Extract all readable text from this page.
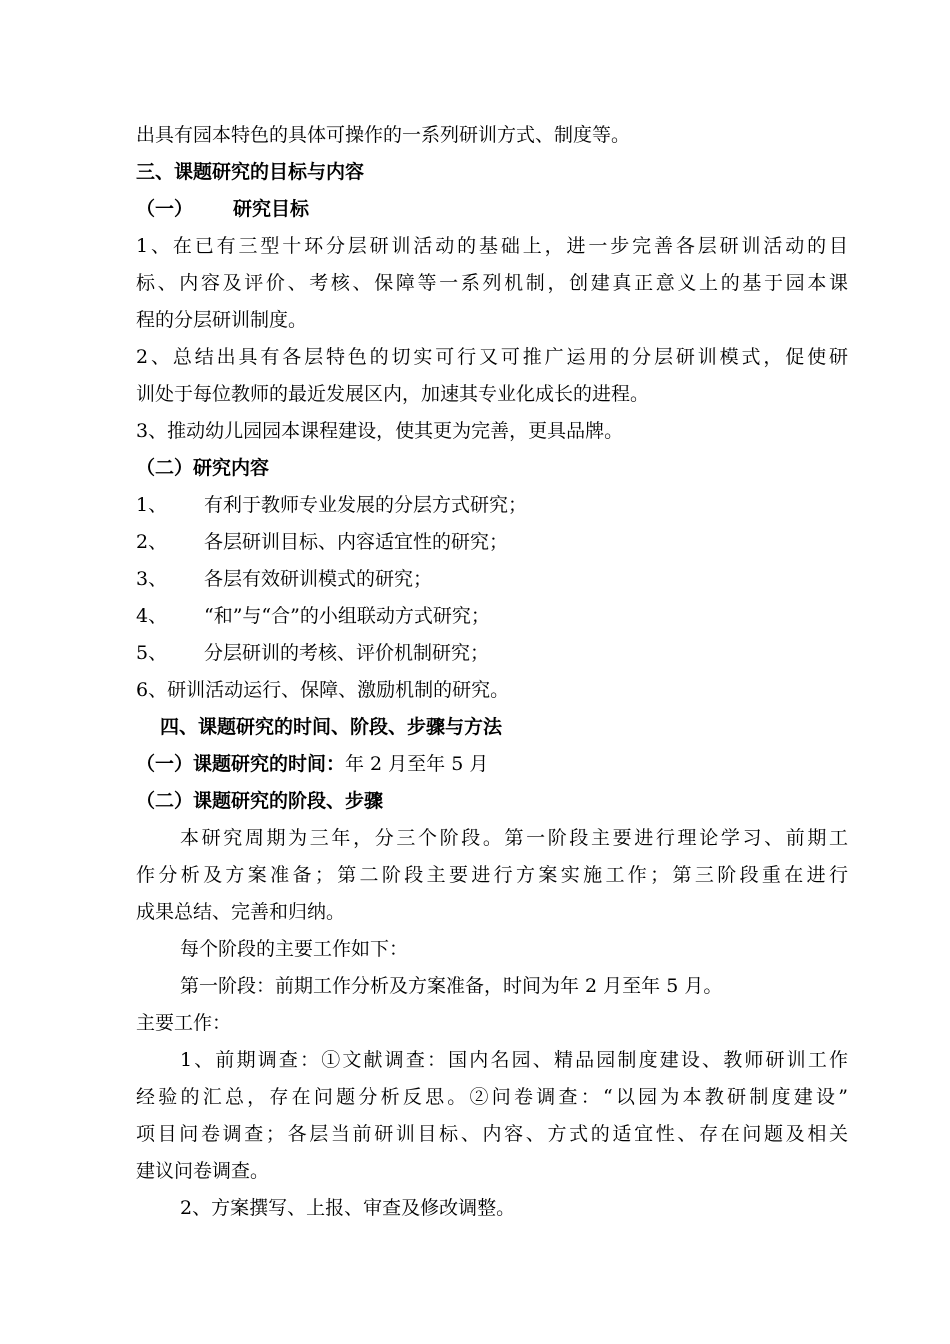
出具有园本特色的具体可操作的一系列研训方式、制度等。
三、课题研究的目标与内容
（一） 研究目标
1、在已有三型十环分层研训活动的基础上，进一步完善各层研训活动的目
标、内容及评价、考核、保障等一系列机制，创建真正意义上的基于园本课
程的分层研训制度。
2、总结出具有各层特色的切实可行又可推广运用的分层研训模式，促使研
训处于每位教师的最近发展区内，加速其专业化成长的进程。
3、推动幼儿园园本课程建设，使其更为完善，更具品牌。
（二）研究内容
1、 有利于教师专业发展的分层方式研究；
2、 各层研训目标、内容适宜性的研究；
3、 各层有效研训模式的研究；
4、 “和”与“合”的小组联动方式研究；
5、 分层研训的考核、评价机制研究；
6、研训活动运行、保障、激励机制的研究。
四、课题研究的时间、阶段、步骤与方法
（一）课题研究的时间：年 2 月至年 5 月
（二）课题研究的阶段、步骤
本研究周期为三年，分三个阶段。第一阶段主要进行理论学习、前期工
作分析及方案准备；第二阶段主要进行方案实施工作；第三阶段重在进行
成果总结、完善和归纳。
每个阶段的主要工作如下：
第一阶段：前期工作分析及方案准备，时间为年 2 月至年 5 月。
主要工作：
1、前期调查：①文献调查：国内名园、精品园制度建设、教师研训工作
经验的汇总，存在问题分析反思。②问卷调查：“以园为本教研制度建设”
项目问卷调查；各层当前研训目标、内容、方式的适宜性、存在问题及相关
建议问卷调查。
2、方案撰写、上报、审查及修改调整。
